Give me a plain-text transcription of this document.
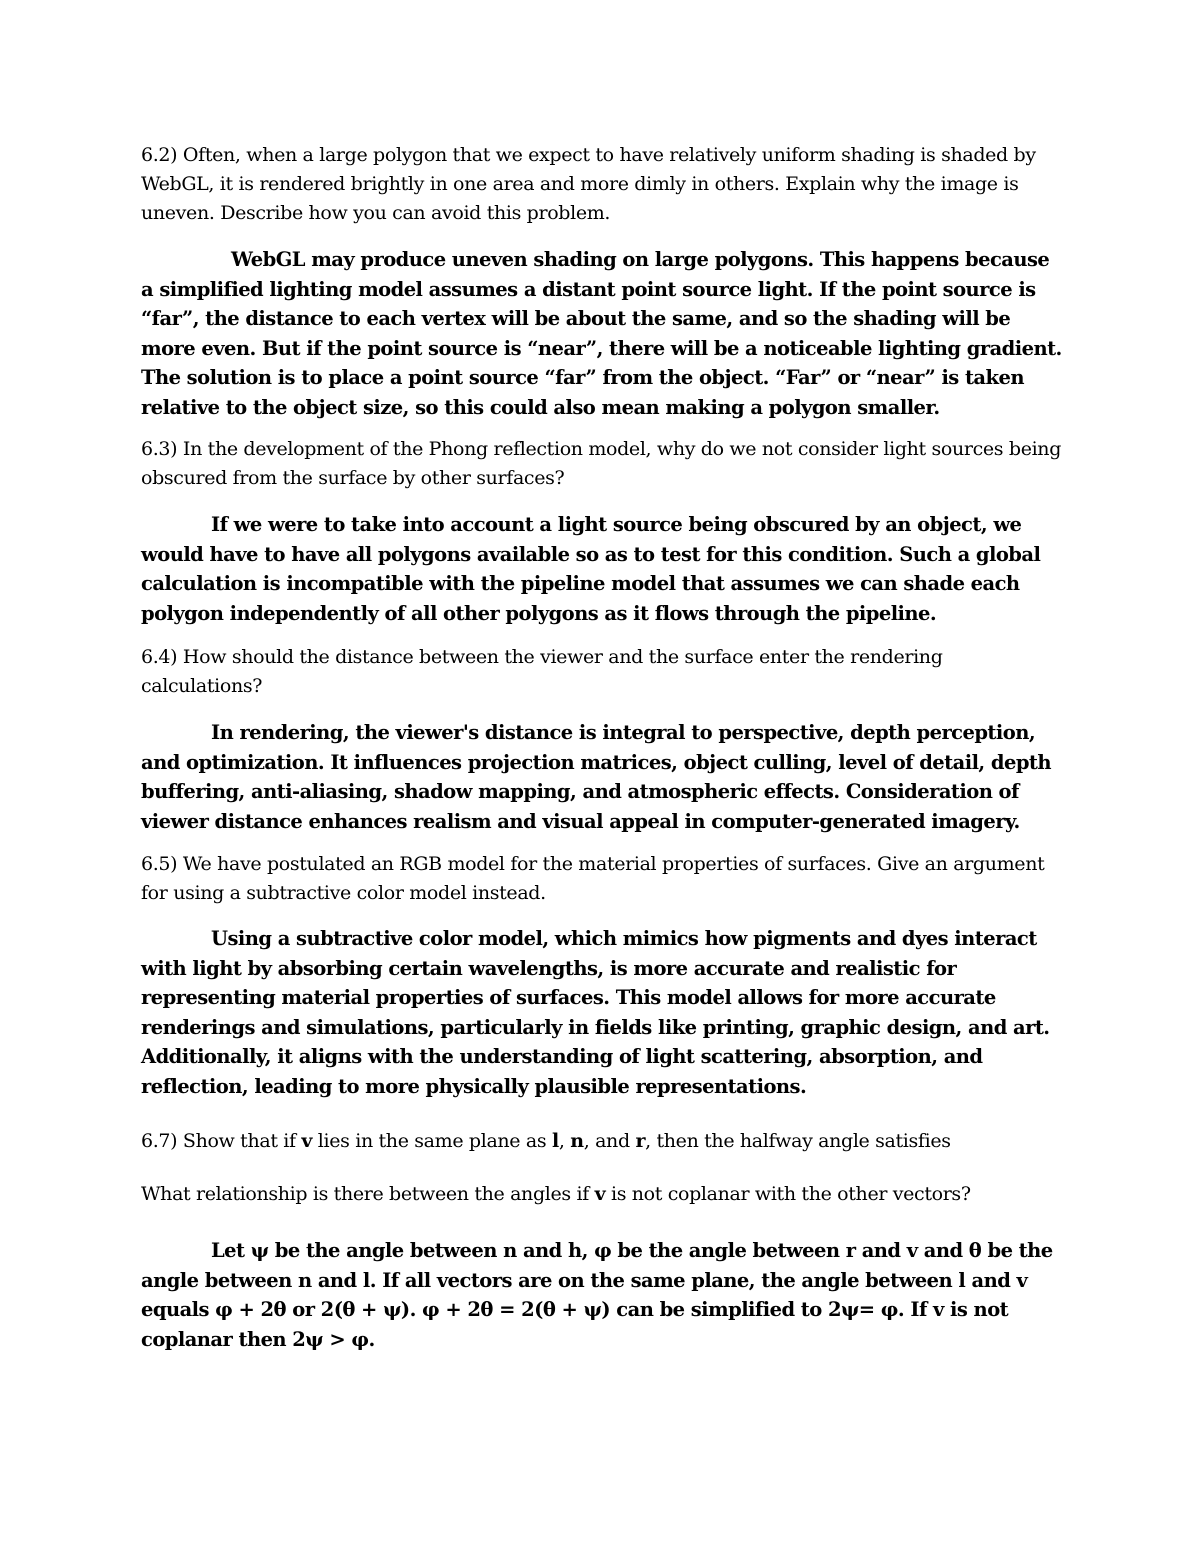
6.2) Often, when a large polygon that we expect to have relatively uniform shading is shaded by WebGL, it is rendered brightly in one area and more dimly in others. Explain why the image is uneven. Describe how you can avoid this problem.

WebGL may produce uneven shading on large polygons. This happens because a simplified lighting model assumes a distant point source light. If the point source is “far”, the distance to each vertex will be about the same, and so the shading will be more even. But if the point source is “near”, there will be a noticeable lighting gradient. The solution is to place a point source “far” from the object. “Far” or “near” is taken relative to the object size, so this could also mean making a polygon smaller.

6.3) In the development of the Phong reflection model, why do we not consider light sources being obscured from the surface by other surfaces?

If we were to take into account a light source being obscured by an object, we would have to have all polygons available so as to test for this condition. Such a global calculation is incompatible with the pipeline model that assumes we can shade each polygon independently of all other polygons as it flows through the pipeline.

6.4) How should the distance between the viewer and the surface enter the rendering calculations?

In rendering, the viewer's distance is integral to perspective, depth perception, and optimization. It influences projection matrices, object culling, level of detail, depth buffering, anti-aliasing, shadow mapping, and atmospheric effects. Consideration of viewer distance enhances realism and visual appeal in computer-generated imagery.

6.5) We have postulated an RGB model for the material properties of surfaces. Give an argument for using a subtractive color model instead.

Using a subtractive color model, which mimics how pigments and dyes interact with light by absorbing certain wavelengths, is more accurate and realistic for representing material properties of surfaces. This model allows for more accurate renderings and simulations, particularly in fields like printing, graphic design, and art. Additionally, it aligns with the understanding of light scattering, absorption, and reflection, leading to more physically plausible representations.

6.7) Show that if v lies in the same plane as l, n, and r, then the halfway angle satisfies

What relationship is there between the angles if v is not coplanar with the other vectors?

Let ψ be the angle between n and h, φ be the angle between r and v and θ be the angle between n and l. If all vectors are on the same plane, the angle between l and v equals φ + 2θ or 2(θ + ψ). φ + 2θ = 2(θ + ψ) can be simplified to 2ψ= φ. If v is not coplanar then 2ψ > φ.
